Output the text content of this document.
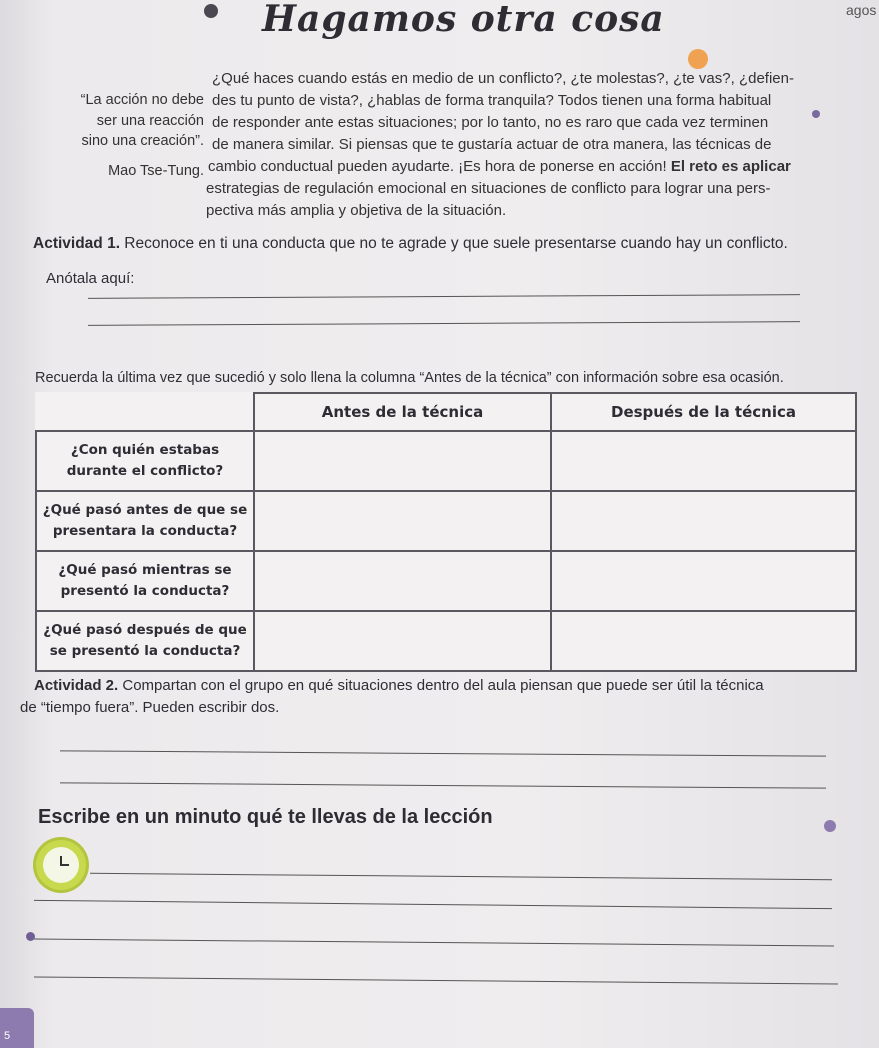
Hagamos otra cosa	agos
“La acción no debe
ser una reacción
sino una creación”.
Mao Tse-Tung.
¿Qué haces cuando estás en medio de un conflicto?, ¿te molestas?, ¿te vas?, ¿defien-
des tu punto de vista?, ¿hablas de forma tranquila? Todos tienen una forma habitual
de responder ante estas situaciones; por lo tanto, no es raro que cada vez terminen
de manera similar. Si piensas que te gustaría actuar de otra manera, las técnicas de
cambio conductual pueden ayudarte. ¡Es hora de ponerse en acción! El reto es aplicar
estrategias de regulación emocional en situaciones de conflicto para lograr una pers-
pectiva más amplia y objetiva de la situación.
Actividad 1. Reconoce en ti una conducta que no te agrade y que suele presentarse cuando hay un conflicto.
Anótala aquí:
Recuerda la última vez que sucedió y solo llena la columna “Antes de la técnica” con información sobre esa ocasión.
	Antes de la técnica	Después de la técnica
¿Con quién estabas
durante el conflicto?		
¿Qué pasó antes de que se
presentara la conducta?		
¿Qué pasó mientras se
presentó la conducta?		
¿Qué pasó después de que
se presentó la conducta?		
Actividad 2. Compartan con el grupo en qué situaciones dentro del aula piensan que puede ser útil la técnica
de “tiempo fuera”. Pueden escribir dos.
Escribe en un minuto qué te llevas de la lección
5
